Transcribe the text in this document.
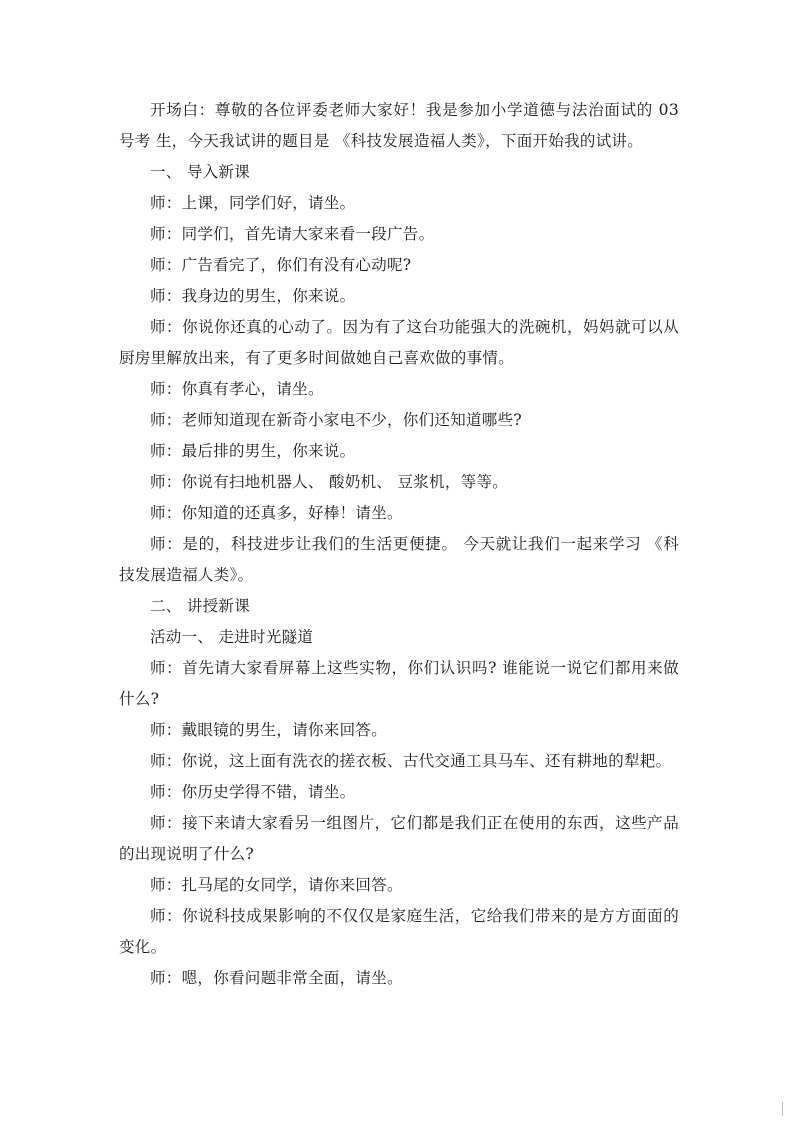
开场白：尊敬的各位评委老师大家好！我是参加小学道德与法治面试的 03 号考 生，今天我试讲的题目是 《科技发展造福人类》，下面开始我的试讲。

一、 导入新课

师：上课，同学们好，请坐。

师：同学们，首先请大家来看一段广告。

师：广告看完了，你们有没有心动呢?

师：我身边的男生，你来说。

师：你说你还真的心动了。因为有了这台功能强大的洗碗机，妈妈就可以从厨房里解放出来，有了更多时间做她自己喜欢做的事情。

师：你真有孝心，请坐。

师：老师知道现在新奇小家电不少，你们还知道哪些?

师：最后排的男生，你来说。

师：你说有扫地机器人、 酸奶机、 豆浆机，等等。

师：你知道的还真多，好棒！请坐。

师：是的，科技进步让我们的生活更便捷。 今天就让我们一起来学习 《科技发展造福人类》。

二、 讲授新课

活动一、 走进时光隧道

师：首先请大家看屏幕上这些实物，你们认识吗? 谁能说一说它们都用来做什么?

师：戴眼镜的男生，请你来回答。

师：你说，这上面有洗衣的搓衣板、古代交通工具马车、还有耕地的犁耙。

师：你历史学得不错，请坐。

师：接下来请大家看另一组图片，它们都是我们正在使用的东西，这些产品的出现说明了什么?

师：扎马尾的女同学，请你来回答。

师：你说科技成果影响的不仅仅是家庭生活，它给我们带来的是方方面面的变化。

师：嗯，你看问题非常全面，请坐。
